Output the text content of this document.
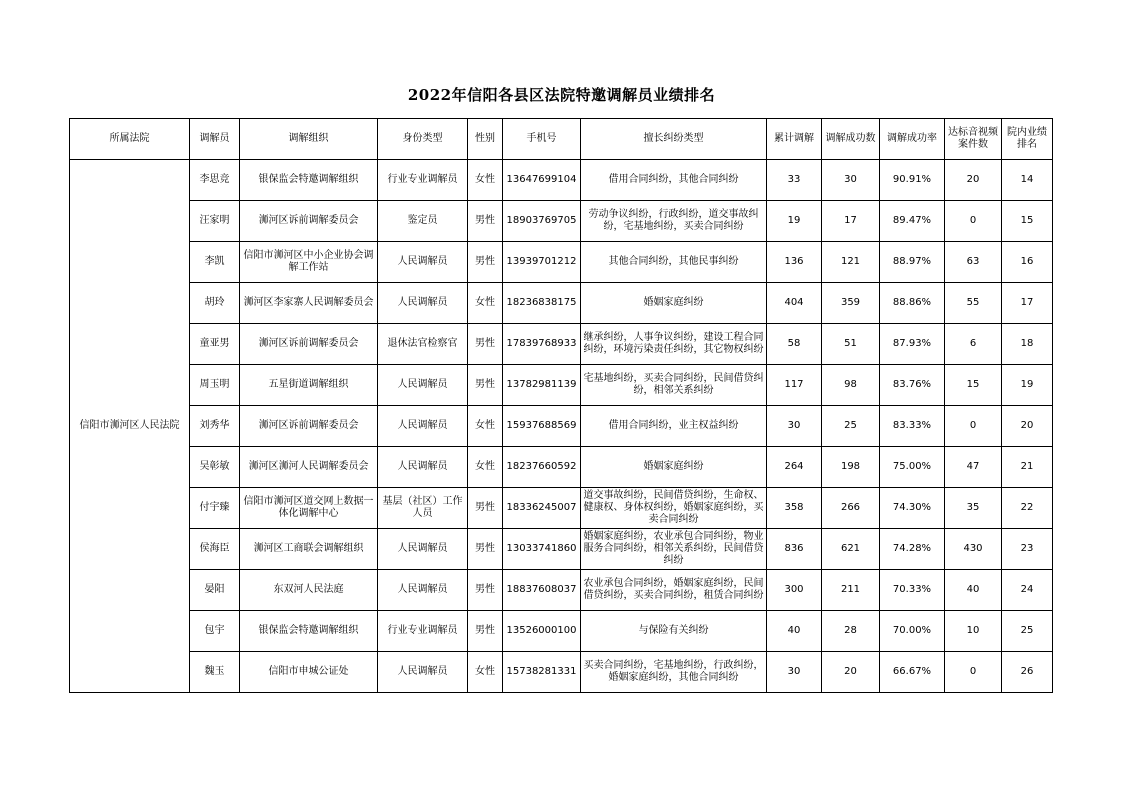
2022年信阳各县区法院特邀调解员业绩排名
所属法院	调解员	调解组织	身份类型	性别	手机号	擅长纠纷类型	累计调解	调解成功数	调解成功率	达标音视频案件数	院内业绩排名
信阳市浉河区人民法院	李思竞	银保监会特邀调解组织	行业专业调解员	女性	13647699104	借用合同纠纷，其他合同纠纷	33	30	90.91%	20	14
	汪家明	浉河区诉前调解委员会	鉴定员	男性	18903769705	劳动争议纠纷，行政纠纷，道交事故纠纷，宅基地纠纷，买卖合同纠纷	19	17	89.47%	0	15
	李凯	信阳市浉河区中小企业协会调解工作站	人民调解员	男性	13939701212	其他合同纠纷，其他民事纠纷	136	121	88.97%	63	16
	胡玲	浉河区李家寨人民调解委员会	人民调解员	女性	18236838175	婚姻家庭纠纷	404	359	88.86%	55	17
	童亚男	浉河区诉前调解委员会	退休法官检察官	男性	17839768933	继承纠纷，人事争议纠纷，建设工程合同纠纷，环境污染责任纠纷，其它物权纠纷	58	51	87.93%	6	18
	周玉明	五星街道调解组织	人民调解员	男性	13782981139	宅基地纠纷，买卖合同纠纷，民间借贷纠纷，相邻关系纠纷	117	98	83.76%	15	19
	刘秀华	浉河区诉前调解委员会	人民调解员	女性	15937688569	借用合同纠纷，业主权益纠纷	30	25	83.33%	0	20
	吴彰敏	浉河区浉河人民调解委员会	人民调解员	女性	18237660592	婚姻家庭纠纷	264	198	75.00%	47	21
	付宇臻	信阳市浉河区道交网上数据一体化调解中心	基层（社区）工作人员	男性	18336245007	道交事故纠纷，民间借贷纠纷，生命权、健康权、身体权纠纷，婚姻家庭纠纷，买卖合同纠纷	358	266	74.30%	35	22
	侯海臣	浉河区工商联会调解组织	人民调解员	男性	13033741860	婚姻家庭纠纷，农业承包合同纠纷，物业服务合同纠纷，相邻关系纠纷，民间借贷纠纷	836	621	74.28%	430	23
	晏阳	东双河人民法庭	人民调解员	男性	18837608037	农业承包合同纠纷，婚姻家庭纠纷，民间借贷纠纷，买卖合同纠纷，租赁合同纠纷	300	211	70.33%	40	24
	包宇	银保监会特邀调解组织	行业专业调解员	男性	13526000100	与保险有关纠纷	40	28	70.00%	10	25
	魏玉	信阳市申城公证处	人民调解员	女性	15738281331	买卖合同纠纷，宅基地纠纷，行政纠纷，婚姻家庭纠纷，其他合同纠纷	30	20	66.67%	0	26
